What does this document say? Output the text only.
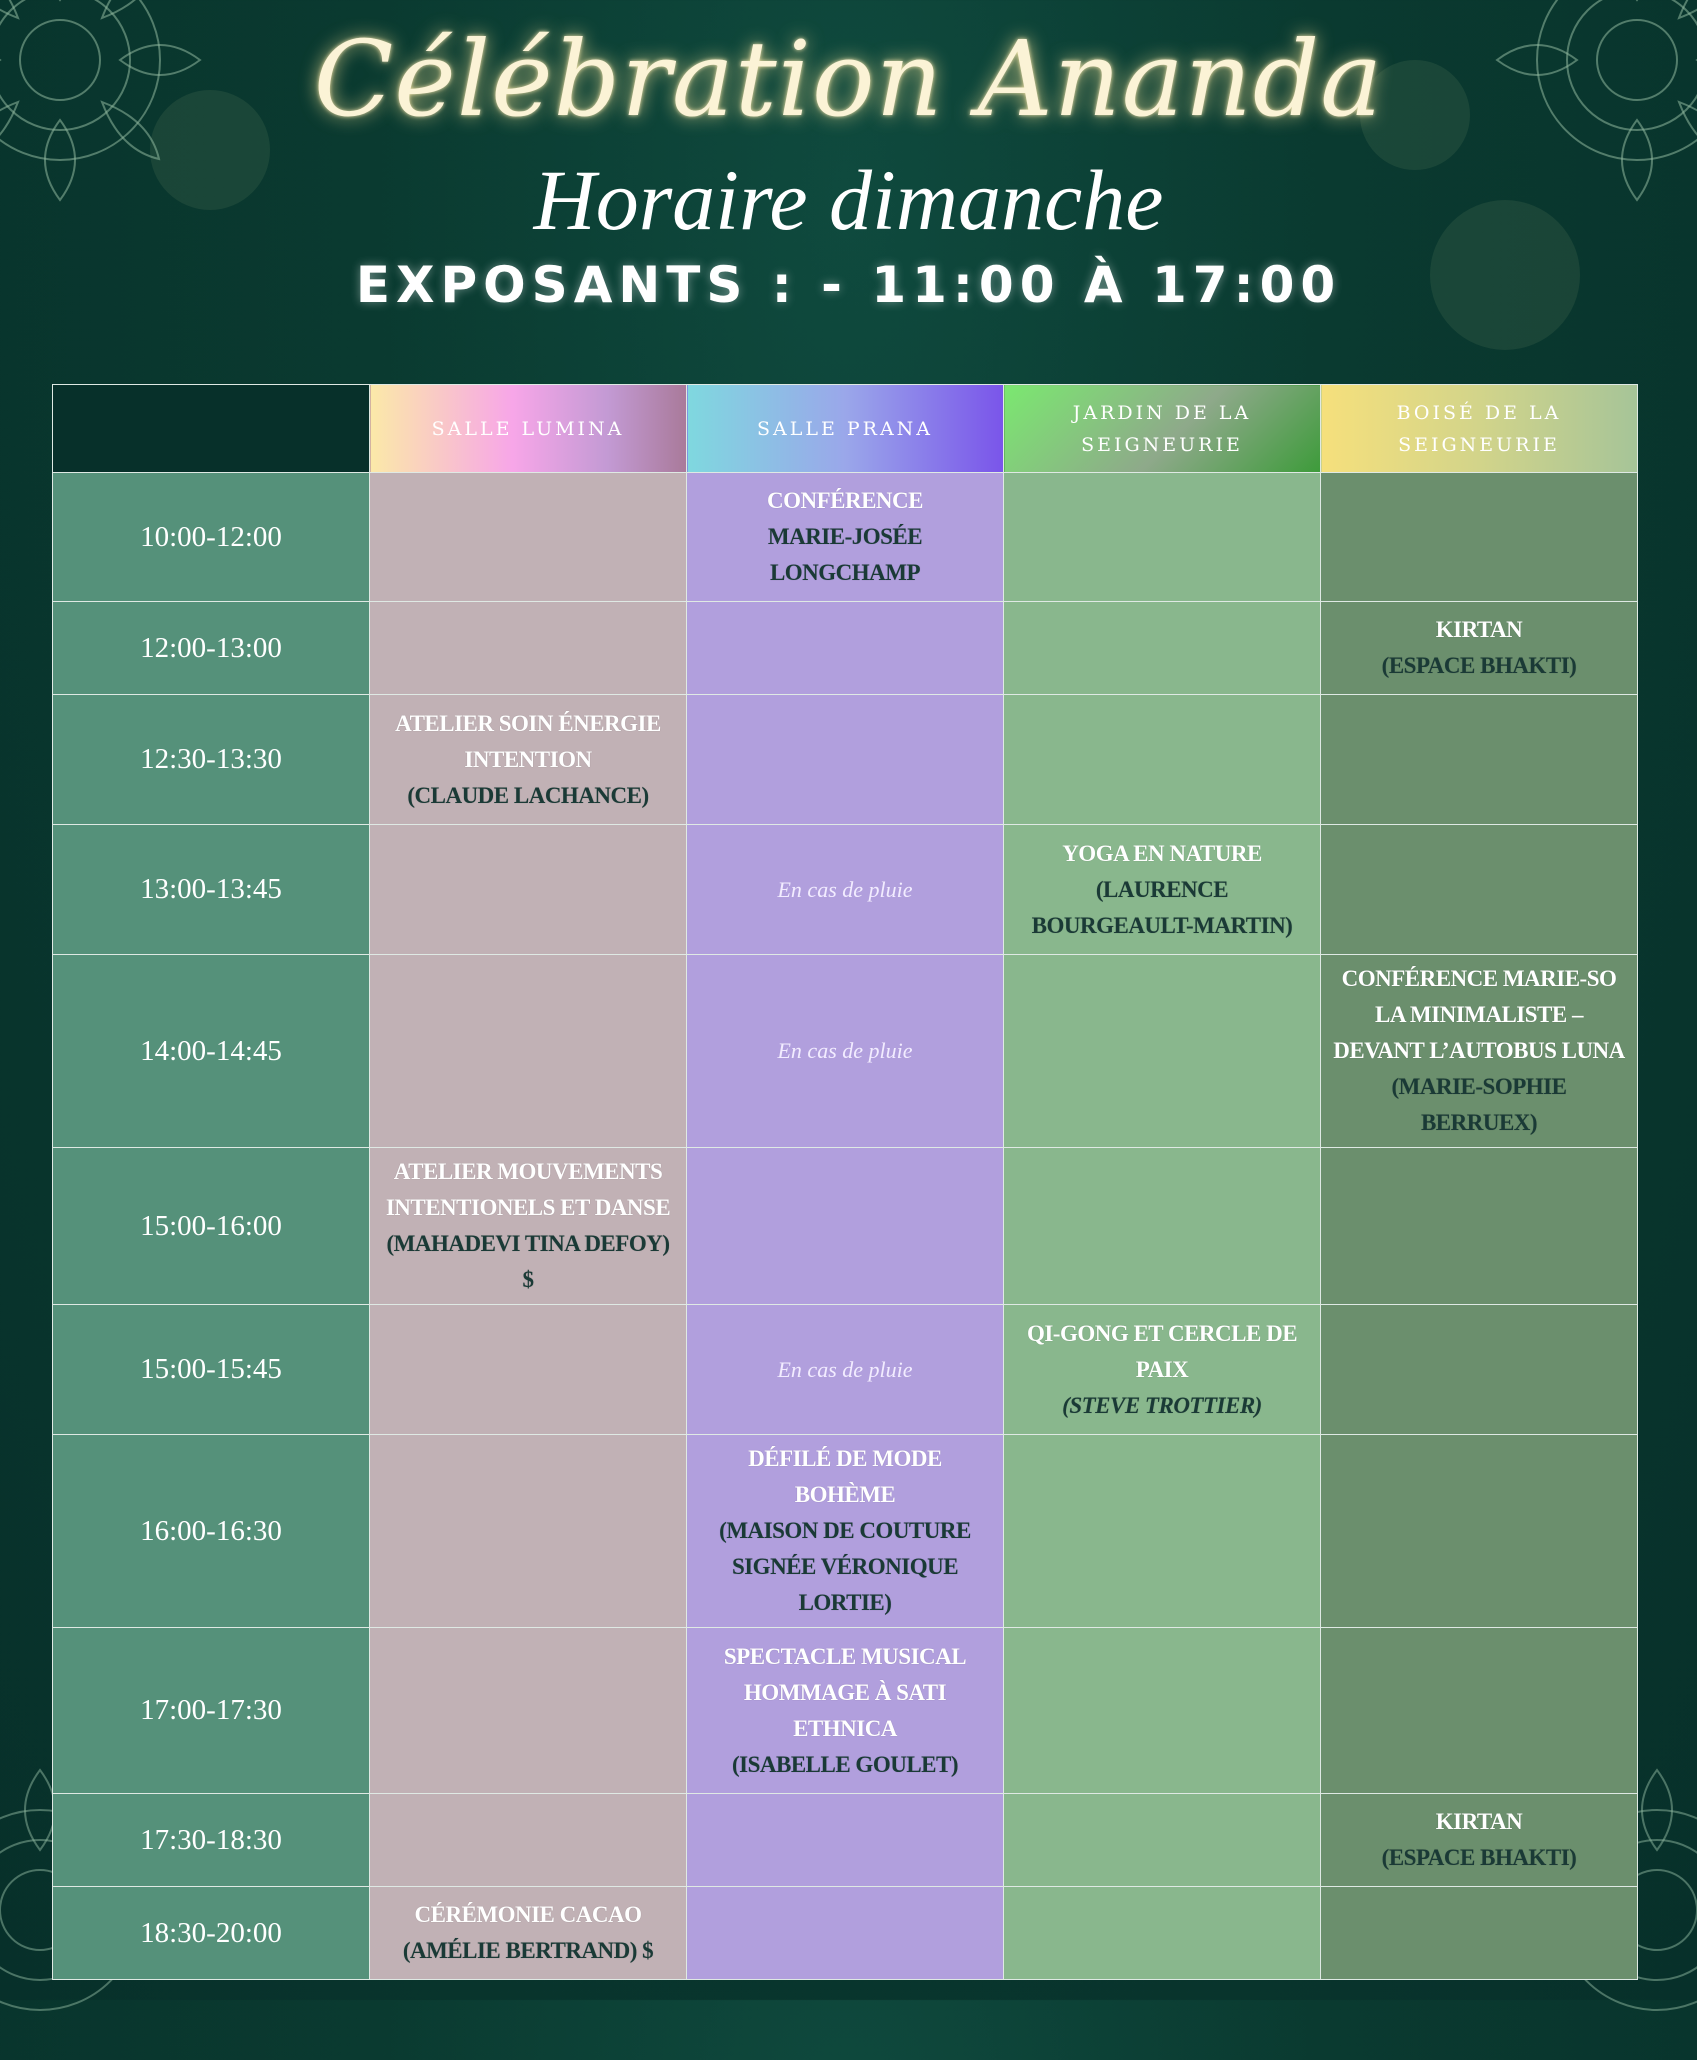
Célébration Ananda
Horaire dimanche
EXPOSANTS : - 11:00 À 17:00
	SALLE LUMINA	SALLE PRANA	JARDIN DE LA SEIGNEURIE	BOISÉ DE LA SEIGNEURIE
10:00-12:00		CONFÉRENCE
MARIE-JOSÉE LONGCHAMP		

12:00-13:00				KIRTAN
(ESPACE BHAKTI)

12:30-13:30	ATELIER SOIN ÉNERGIE INTENTION
(CLAUDE LACHANCE)			

13:00-13:45		En cas de pluie	YOGA EN NATURE
(LAURENCE BOURGEAULT-MARTIN)	

14:00-14:45		En cas de pluie		CONFÉRENCE MARIE-SO LA MINIMALISTE – DEVANT L’AUTOBUS LUNA
(MARIE-SOPHIE BERRUEX)

15:00-16:00	ATELIER MOUVEMENTS INTENTIONELS ET DANSE
(MAHADEVI TINA DEFOY) $			

15:00-15:45		En cas de pluie	QI-GONG ET CERCLE DE PAIX
(STEVE TROTTIER)	

16:00-16:30		DÉFILÉ DE MODE BOHÈME
(MAISON DE COUTURE SIGNÉE VÉRONIQUE LORTIE)		

17:00-17:30		SPECTACLE MUSICAL HOMMAGE À SATI ETHNICA
(ISABELLE GOULET)		

17:30-18:30				KIRTAN
(ESPACE BHAKTI)

18:30-20:00	CÉRÉMONIE CACAO
(AMÉLIE BERTRAND) $			
